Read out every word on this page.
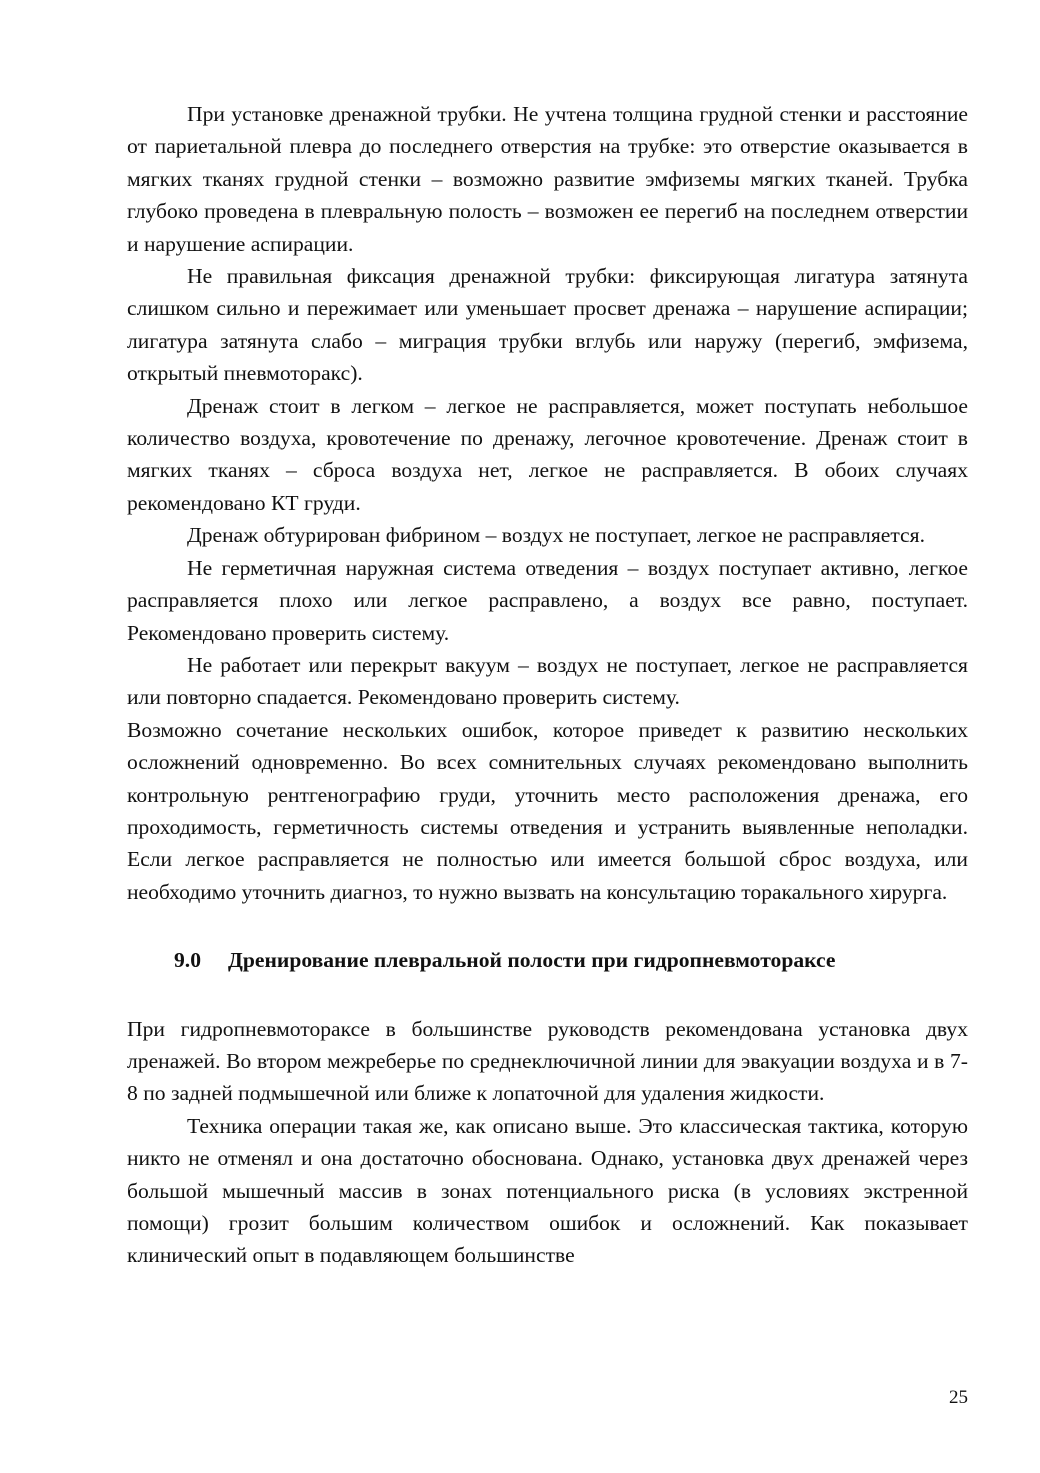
При установке дренажной трубки. Не учтена толщина грудной стенки и расстояние от париетальной плевра до последнего отверстия на трубке: это отверстие оказывается в мягких тканях грудной стенки – возможно развитие эмфиземы мягких тканей. Трубка глубоко проведена в плевральную полость – возможен ее перегиб на последнем отверстии и нарушение аспирации.

Не правильная фиксация дренажной трубки: фиксирующая лигатура затянута слишком сильно и пережимает или уменьшает просвет дренажа – нарушение аспирации; лигатура затянута слабо – миграция трубки вглубь или наружу (перегиб, эмфизема, открытый пневмоторакс).

Дренаж стоит в легком – легкое не расправляется, может поступать небольшое количество воздуха, кровотечение по дренажу, легочное кровотечение. Дренаж стоит в мягких тканях – сброса воздуха нет, легкое не расправляется. В обоих случаях рекомендовано КТ груди.

Дренаж обтурирован фибрином – воздух не поступает, легкое не расправляется.

Не герметичная наружная система отведения – воздух поступает активно, легкое расправляется плохо или легкое расправлено, а воздух все равно, поступает. Рекомендовано проверить систему.

Не работает или перекрыт вакуум – воздух не поступает, легкое не расправляется или повторно спадается. Рекомендовано проверить систему.

Возможно сочетание нескольких ошибок, которое приведет к развитию нескольких осложнений одновременно. Во всех сомнительных случаях рекомендовано выполнить контрольную рентгенографию груди, уточнить место расположения дренажа, его проходимость, герметичность системы отведения и устранить выявленные неполадки. Если легкое расправляется не полностью или имеется большой сброс воздуха, или необходимо уточнить диагноз, то нужно вызвать на консультацию торакального хирурга.

9.0 Дренирование плевральной полости при гидропневмотораксе

При гидропневмотораксе в большинстве руководств рекомендована установка двух лренажей. Во втором межреберье по среднеключичной линии для эвакуации воздуха и в 7-8 по задней подмышечной или ближе к лопаточной для удаления жидкости.

Техника операции такая же, как описано выше. Это классическая тактика, которую никто не отменял и она достаточно обоснована. Однако, установка двух дренажей через большой мышечный массив в зонах потенциального риска (в условиях экстренной помощи) грозит большим количеством ошибок и осложнений. Как показывает клинический опыт в подавляющем большинстве

25
